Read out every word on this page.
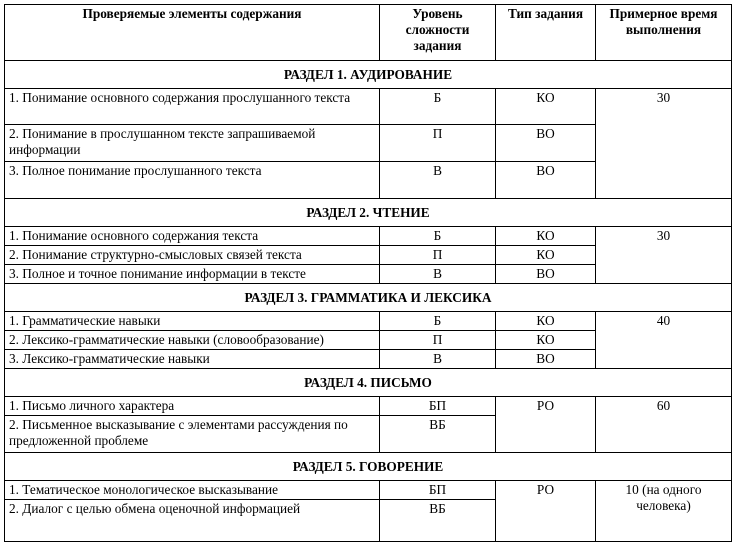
Проверяемые элементы содержания	Уровень сложности задания	Тип задания	Примерное время выполнения
РАЗДЕЛ 1. АУДИРОВАНИЕ			
1. Понимание основного содержания прослушанного текста	Б	КО	30
2. Понимание в прослушанном тексте запрашиваемой информации	П	ВО	
3. Полное понимание прослушанного текста	В	ВО	
РАЗДЕЛ 2. ЧТЕНИЕ			
1. Понимание основного содержания текста	Б	КО	30
2. Понимание структурно-смысловых связей текста	П	КО	
3. Полное и точное понимание информации в тексте	В	ВО	
РАЗДЕЛ 3. ГРАММАТИКА И ЛЕКСИКА			
1. Грамматические навыки	Б	КО	40
2. Лексико-грамматические навыки (словообразование)	П	КО	
3. Лексико-грамматические навыки	В	ВО	
РАЗДЕЛ 4. ПИСЬМО			
1. Письмо личного характера	БП	РО	60
2. Письменное высказывание с элементами рассуждения по предложенной проблеме	ВБ		
РАЗДЕЛ 5. ГОВОРЕНИЕ			
1. Тематическое монологическое высказывание	БП	РО	10 (на одного человека)
2. Диалог с целью обмена оценочной информацией	ВБ		
